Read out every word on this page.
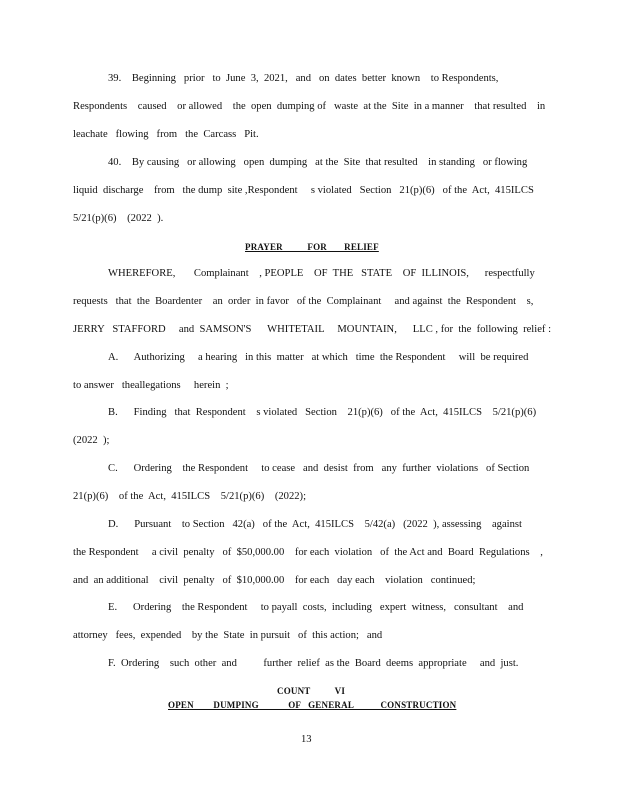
39.    Beginning   prior   to  June  3,  2021,   and   on  dates  better  known    to Respondents,
Respondents    caused    or allowed    the  open  dumping of   waste  at the  Site  in a manner    that resulted    in
leachate   flowing   from   the  Carcass   Pit.
40.    By causing   or allowing   open  dumping   at the  Site  that resulted    in standing   or flowing
liquid  discharge    from   the dump  site ,Respondent     s violated   Section   21(p)(6)   of the  Act,  415ILCS
5/21(p)(6)    (2022  ).
PRAYER          FOR       RELIEF
WHEREFORE,       Complainant    , PEOPLE    OF  THE   STATE    OF  ILLINOIS,      respectfully
requests   that  the  Boardenter    an  order  in favor   of the  Complainant     and against  the  Respondent    s,
JERRY   STAFFORD     and  SAMSON'S      WHITETAIL     MOUNTAIN,      LLC , for  the  following  relief :
A.      Authorizing     a hearing   in this  matter   at which   time  the Respondent     will  be required
to answer   theallegations     herein  ;
B.      Finding   that  Respondent    s violated   Section    21(p)(6)   of the  Act,  415ILCS    5/21(p)(6)
(2022  );
C.      Ordering    the Respondent     to cease   and  desist  from   any  further  violations   of Section
21(p)(6)    of the  Act,  415ILCS    5/21(p)(6)    (2022);
D.      Pursuant    to Section   42(a)   of the  Act,  415ILCS    5/42(a)   (2022  ), assessing    against
the Respondent     a civil  penalty   of  $50,000.00    for each  violation   of  the Act and  Board  Regulations    ,
and  an additional    civil  penalty   of  $10,000.00    for each   day each    violation   continued;
E.      Ordering    the Respondent     to payall  costs,  including   expert  witness,   consultant    and
attorney   fees,  expended    by the  State  in pursuit   of  this action;   and
F.  Ordering    such  other  and          further  relief  as the  Board  deems  appropriate     and  just.
COUNT          VI
OPEN        DUMPING            OF   GENERAL           CONSTRUCTION
13
